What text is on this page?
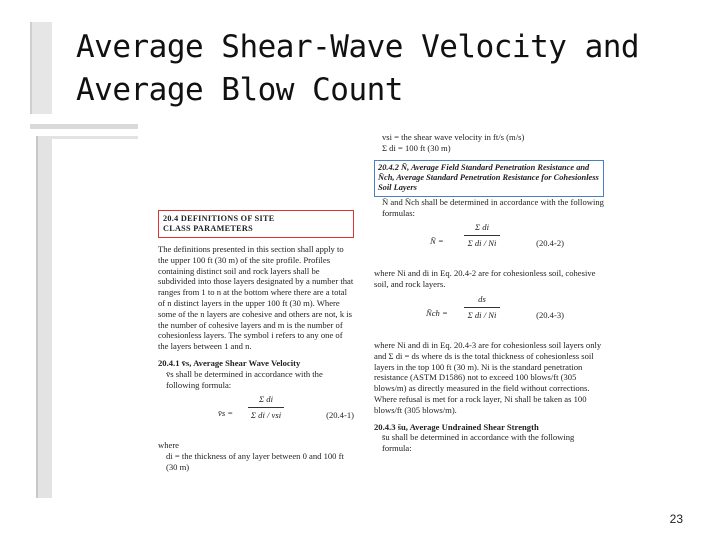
Average Shear-Wave Velocity and
Average Blow Count
20.4 DEFINITIONS OF SITE
CLASS PARAMETERS

The definitions presented in this section shall apply to the upper 100 ft (30 m) of the site profile. Profiles containing distinct soil and rock layers shall be subdivided into those layers designated by a number that ranges from 1 to n at the bottom where there are a total of n distinct layers in the upper 100 ft (30 m). Where some of the n layers are cohesive and others are not, k is the number of cohesive layers and m is the number of cohesionless layers. The symbol i refers to any one of the layers between 1 and n.

20.4.1 v̄s, Average Shear Wave Velocity

v̄s shall be determined in accordance with the following formula:

v̄s =
Σ di
Σ di / vsi	(20.4-1)

where

di = the thickness of any layer between 0 and 100 ft (30 m)

vsi = the shear wave velocity in ft/s (m/s)

Σ di = 100 ft (30 m)

20.4.2 N̄, Average Field Standard Penetration Resistance and N̄ch, Average Standard Penetration Resistance for Cohesionless Soil Layers

N̄ and N̄ch shall be determined in accordance with the following formulas:

N̄ =
Σ di
Σ di / Ni	(20.4-2)

where Ni and di in Eq. 20.4-2 are for cohesionless soil, cohesive soil, and rock layers.

N̄ch =
ds
Σ di / Ni	(20.4-3)

where Ni and di in Eq. 20.4-3 are for cohesionless soil layers only and Σ di = ds where ds is the total thickness of cohesionless soil layers in the top 100 ft (30 m). Ni is the standard penetration resistance (ASTM D1586) not to exceed 100 blows/ft (305 blows/m) as directly measured in the field without corrections. Where refusal is met for a rock layer, Ni shall be taken as 100 blows/ft (305 blows/m).

20.4.3 s̄u, Average Undrained Shear Strength

s̄u shall be determined in accordance with the following formula:

23
